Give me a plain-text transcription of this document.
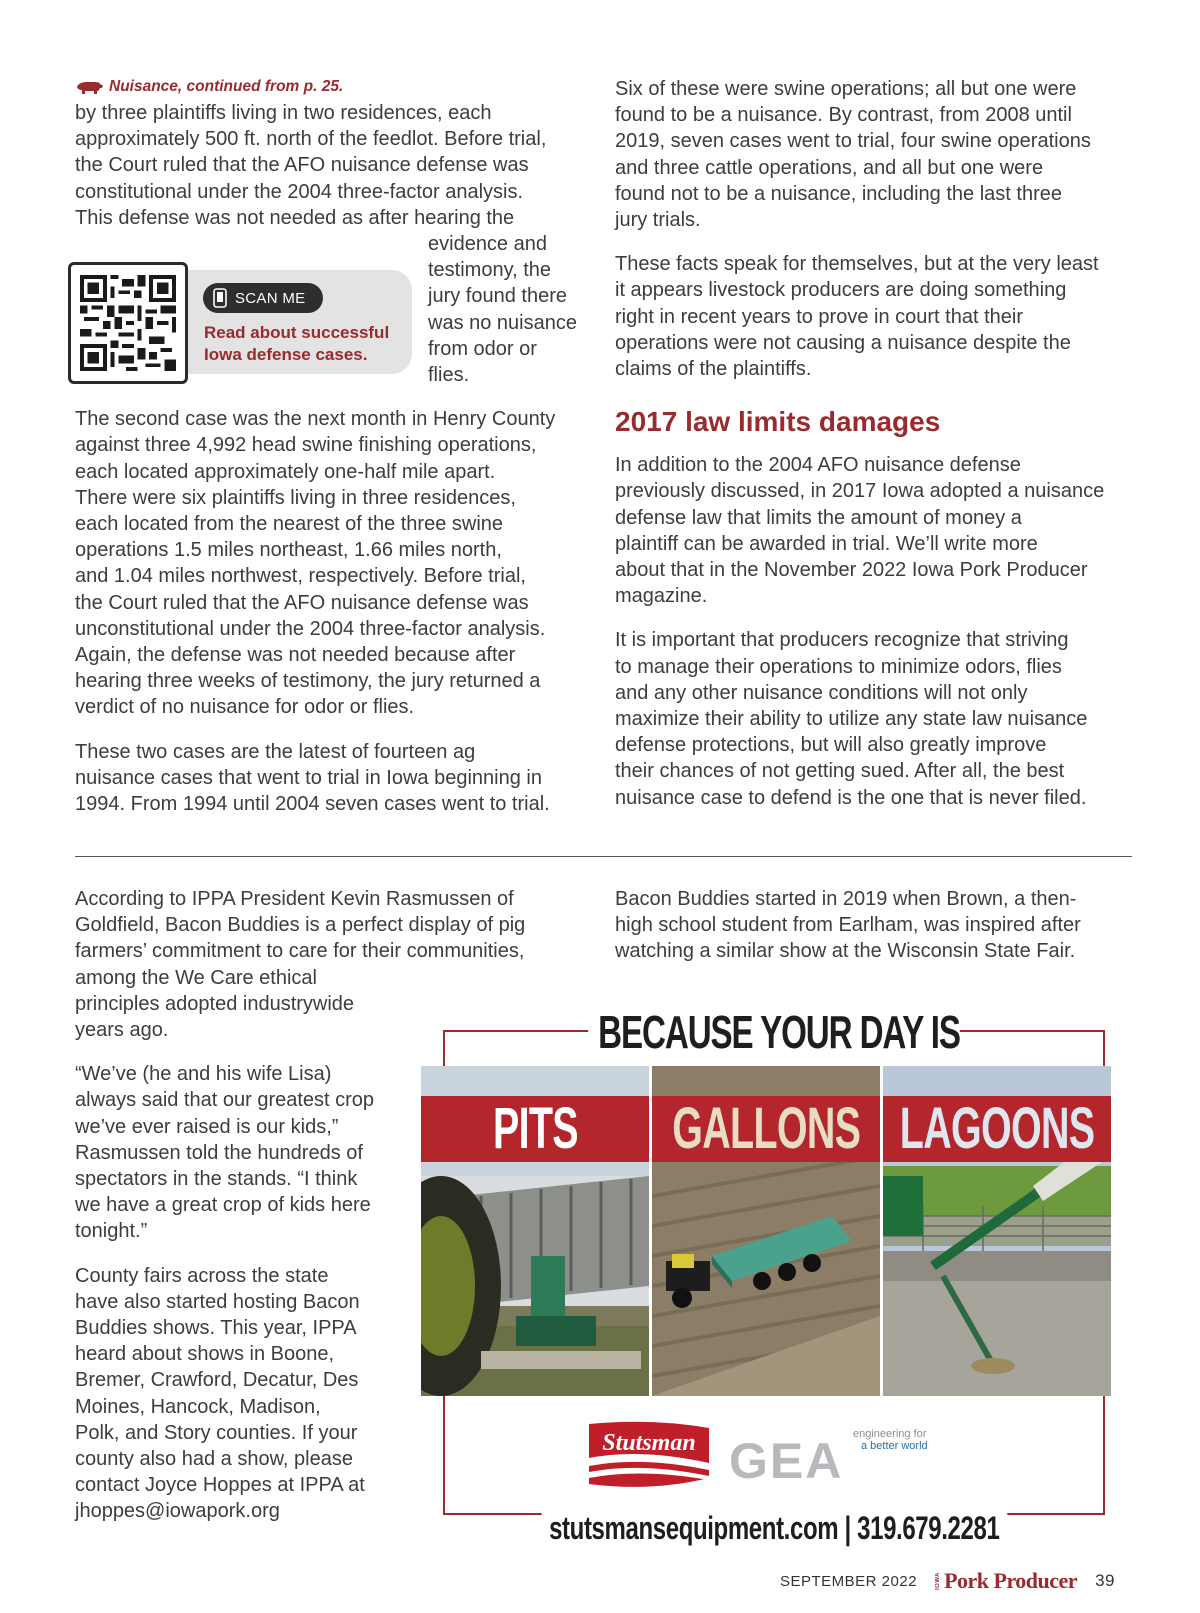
Nuisance, continued from p. 25.
by three plaintiffs living in two residences, each
approximately 500 ft. north of the feedlot. Before trial,
the Court ruled that the AFO nuisance defense was
constitutional under the 2004 three-factor analysis.
This defense was not needed as after hearing the
evidence and
testimony, the
jury found there
was no nuisance
from odor or
flies.
The second case was the next month in Henry County
against three 4,992 head swine finishing operations,
each located approximately one-half mile apart.
There were six plaintiffs living in three residences,
each located from the nearest of the three swine
operations 1.5 miles northeast, 1.66 miles north,
and 1.04 miles northwest, respectively. Before trial,
the Court ruled that the AFO nuisance defense was
unconstitutional under the 2004 three-factor analysis.
Again, the defense was not needed because after
hearing three weeks of testimony, the jury returned a
verdict of no nuisance for odor or flies.
These two cases are the latest of fourteen ag
nuisance cases that went to trial in Iowa beginning in
1994. From 1994 until 2004 seven cases went to trial.
SCAN ME
Read about successful
Iowa defense cases.
Six of these were swine operations; all but one were
found to be a nuisance. By contrast, from 2008 until
2019, seven cases went to trial, four swine operations
and three cattle operations, and all but one were
found not to be a nuisance, including the last three
jury trials.
These facts speak for themselves, but at the very least
it appears livestock producers are doing something
right in recent years to prove in court that their
operations were not causing a nuisance despite the
claims of the plaintiffs.
2017 law limits damages
In addition to the 2004 AFO nuisance defense
previously discussed, in 2017 Iowa adopted a nuisance
defense law that limits the amount of money a
plaintiff can be awarded in trial. We’ll write more
about that in the November 2022 Iowa Pork Producer
magazine.
It is important that producers recognize that striving
to manage their operations to minimize odors, flies
and any other nuisance conditions will not only
maximize their ability to utilize any state law nuisance
defense protections, but will also greatly improve
their chances of not getting sued. After all, the best
nuisance case to defend is the one that is never filed.
According to IPPA President Kevin Rasmussen of
Goldfield, Bacon Buddies is a perfect display of pig
farmers’ commitment to care for their communities,
among the We Care ethical
principles adopted industrywide
years ago.
“We’ve (he and his wife Lisa)
always said that our greatest crop
we’ve ever raised is our kids,”
Rasmussen told the hundreds of
spectators in the stands. “I think
we have a great crop of kids here
tonight.”
County fairs across the state
have also started hosting Bacon
Buddies shows. This year, IPPA
heard about shows in Boone,
Bremer, Crawford, Decatur, Des
Moines, Hancock, Madison,
Polk, and Story counties. If your
county also had a show, please
contact Joyce Hoppes at IPPA at
jhoppes@iowapork.org
Bacon Buddies started in 2019 when Brown, a then-
high school student from Earlham, was inspired after
watching a similar show at the Wisconsin State Fair.
BECAUSE YOUR DAY IS
PITS GALLONS LAGOONS
Stutsman GEA engineering for
a better world
stutsmansequipment.com | 319.679.2281
SEPTEMBER 2022	IOWA Pork Producer 39
